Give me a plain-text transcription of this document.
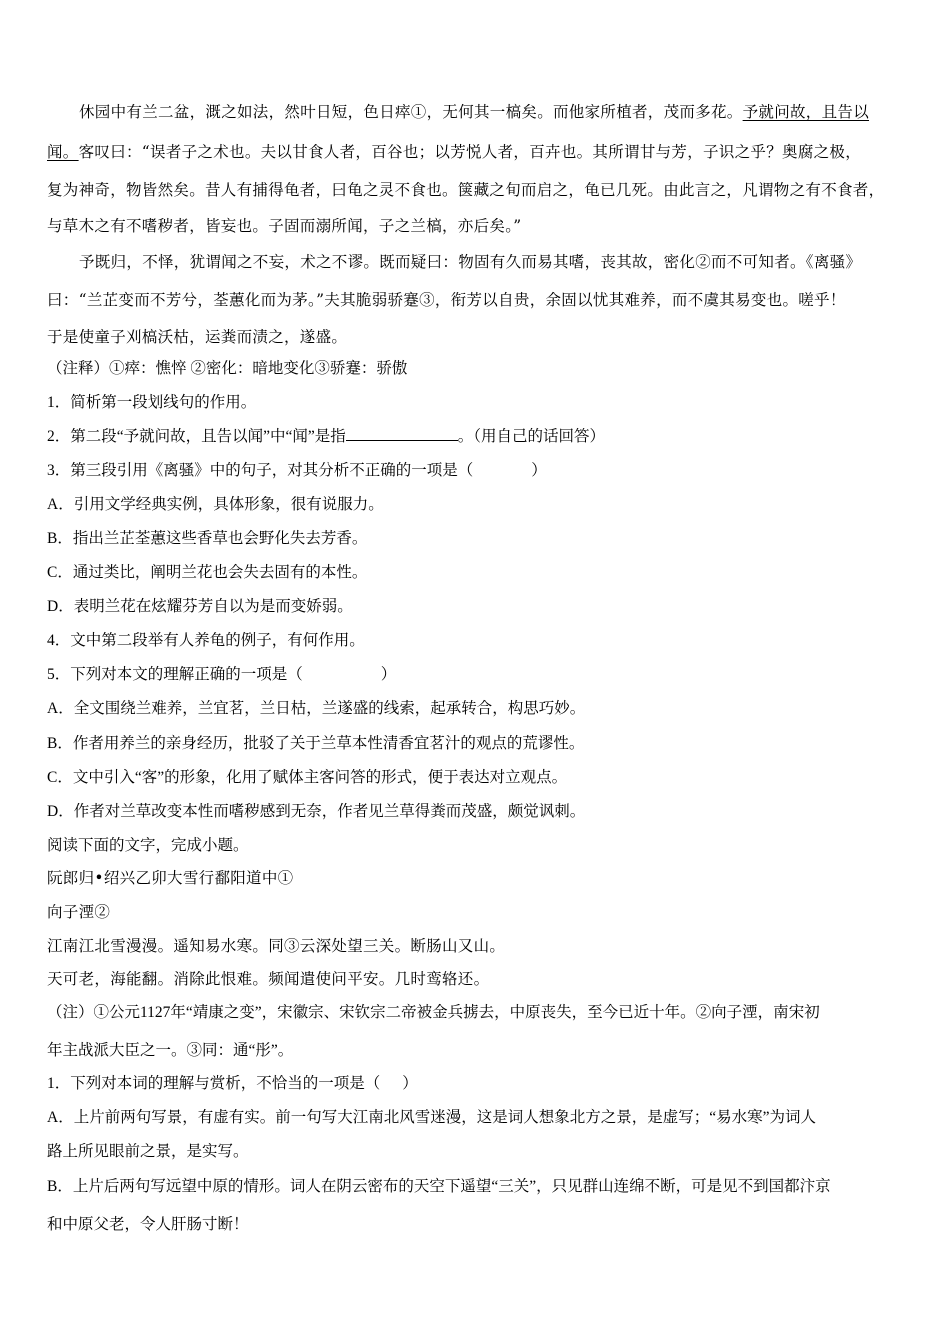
休园中有兰二盆，溉之如法，然叶日短，色日瘁①，无何其一槁矣。而他家所植者，茂而多花。予就问故，且告以
闻。客叹曰：“误者子之术也。夫以甘食人者，百谷也；以芳悦人者，百卉也。其所谓甘与芳，子识之乎？奥腐之极，
复为神奇，物皆然矣。昔人有捕得龟者，曰龟之灵不食也。箧藏之旬而启之，龟已几死。由此言之，凡谓物之有不食者，
与草木之有不嗜秽者，皆妄也。子固而溺所闻，子之兰槁，亦后矣。”
予既归，不怿，犹谓闻之不妄，术之不谬。既而疑曰：物固有久而易其嗜，丧其故，密化②而不可知者。《离骚》
曰：“兰芷变而不芳兮，荃蕙化而为茅。”夫其脆弱骄蹇③，衔芳以自贵，余固以忧其难养，而不虞其易变也。嗟乎！
于是使童子刈槁沃枯，运粪而渍之，遂盛。
（注释）①瘁：憔悴 ②密化：暗地变化③骄蹇：骄傲
1．简析第一段划线句的作用。
2．第二段“予就问故，且告以闻”中“闻”是指	。（用自己的话回答）
3．第三段引用《离骚》中的句子，对其分析不正确的一项是（	）
A．引用文学经典实例，具体形象，很有说服力。
B．指出兰芷荃蕙这些香草也会野化失去芳香。
C．通过类比，阐明兰花也会失去固有的本性。
D．表明兰花在炫耀芬芳自以为是而变娇弱。
4．文中第二段举有人养龟的例子，有何作用。
5．下列对本文的理解正确的一项是（	）
A．全文围绕兰难养，兰宜茗，兰日枯，兰遂盛的线索，起承转合，构思巧妙。
B．作者用养兰的亲身经历，批驳了关于兰草本性清香宜茗汁的观点的荒谬性。
C．文中引入“客”的形象，化用了赋体主客问答的形式，便于表达对立观点。
D．作者对兰草改变本性而嗜秽感到无奈，作者见兰草得粪而茂盛，颇觉讽刺。
阅读下面的文字，完成小题。
阮郎归•绍兴乙卯大雪行鄱阳道中①
向子湮②
江南江北雪漫漫。遥知易水寒。同③云深处望三关。断肠山又山。
天可老，海能翻。消除此恨难。频闻遣使问平安。几时鸾辂还。
（注）①公元1127年“靖康之变”，宋徽宗、宋钦宗二帝被金兵掳去，中原丧失，至今已近十年。②向子湮，南宋初
年主战派大臣之一。③同：通“彤”。
1．下列对本词的理解与赏析，不恰当的一项是（ ）
A．上片前两句写景，有虚有实。前一句写大江南北风雪迷漫，这是词人想象北方之景，是虚写；“易水寒”为词人
路上所见眼前之景，是实写。
B．上片后两句写远望中原的情形。词人在阴云密布的天空下遥望“三关”，只见群山连绵不断，可是见不到国都汴京
和中原父老，令人肝肠寸断！
